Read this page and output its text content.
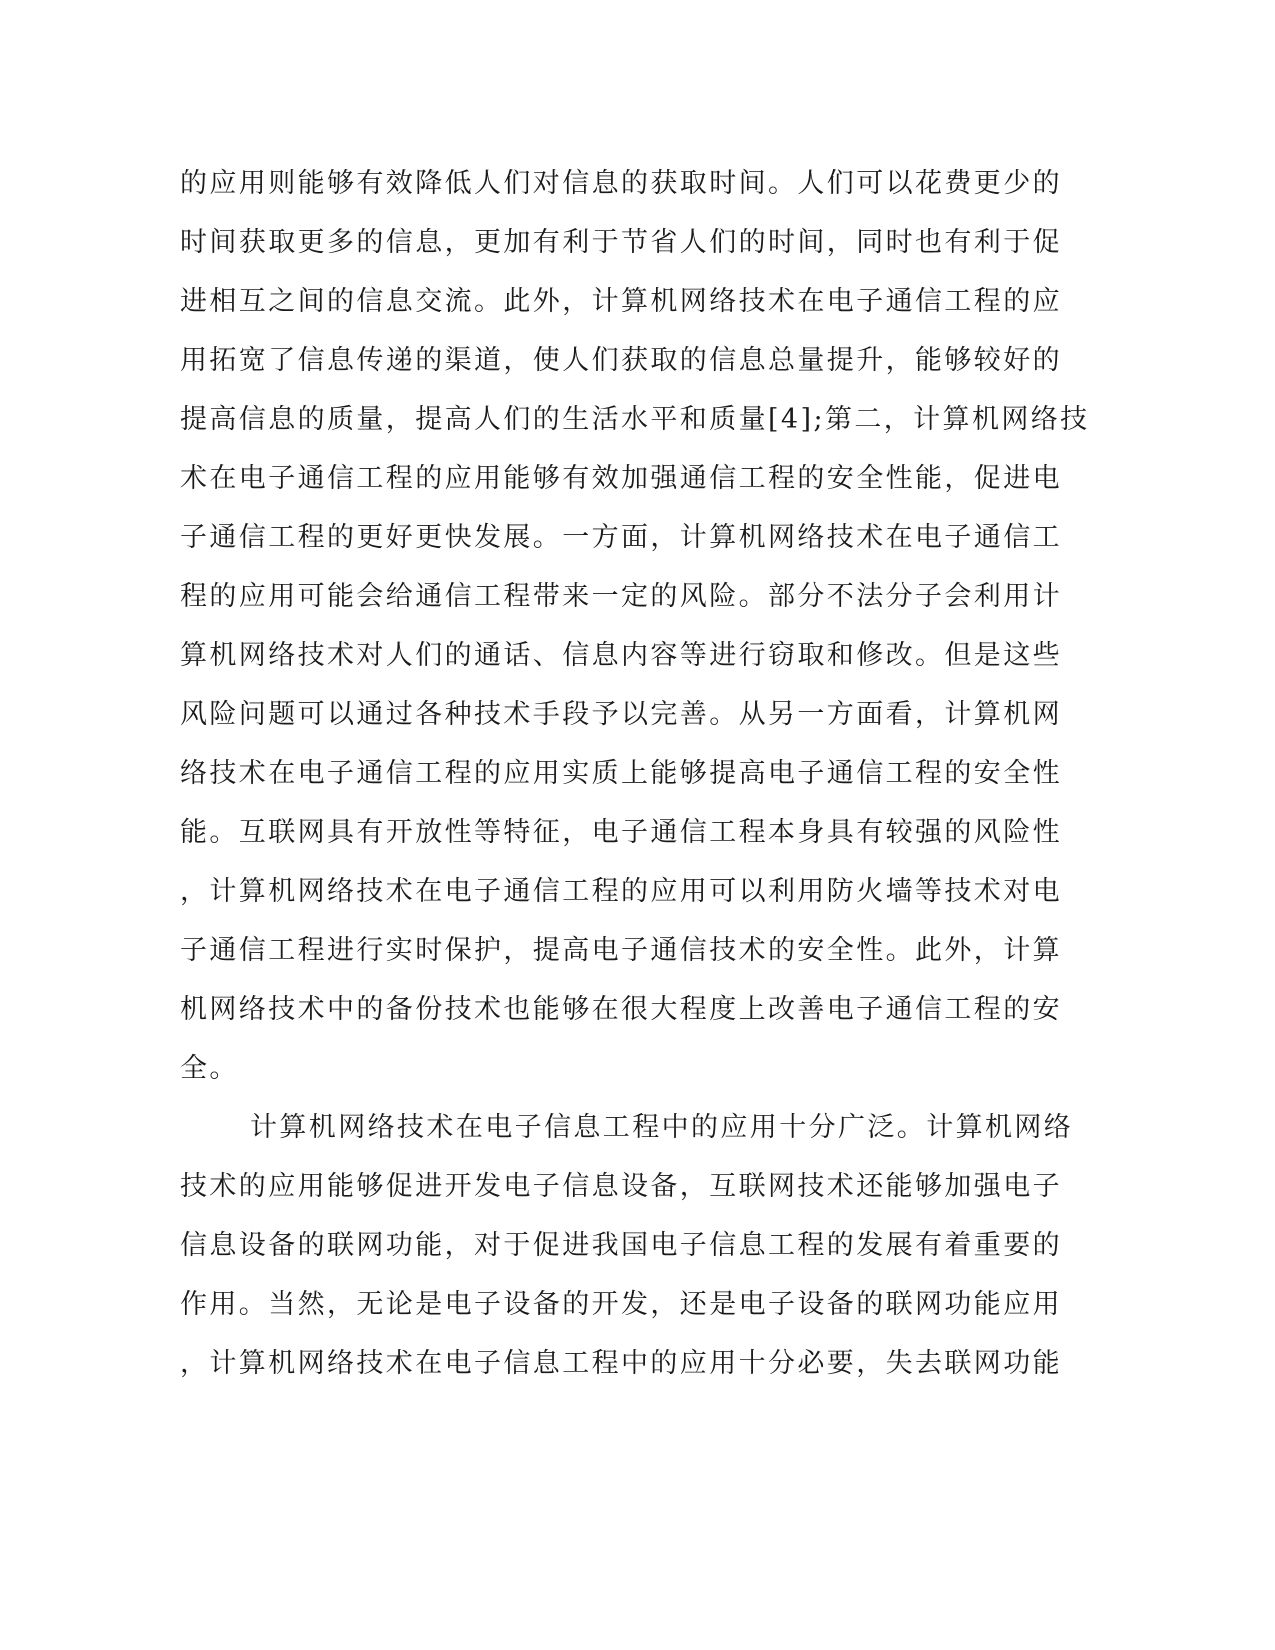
的应用则能够有效降低人们对信息的获取时间。人们可以花费更少的
时间获取更多的信息，更加有利于节省人们的时间，同时也有利于促
进相互之间的信息交流。此外，计算机网络技术在电子通信工程的应
用拓宽了信息传递的渠道，使人们获取的信息总量提升，能够较好的
提高信息的质量，提高人们的生活水平和质量[4];第二，计算机网络技
术在电子通信工程的应用能够有效加强通信工程的安全性能，促进电
子通信工程的更好更快发展。一方面，计算机网络技术在电子通信工
程的应用可能会给通信工程带来一定的风险。部分不法分子会利用计
算机网络技术对人们的通话、信息内容等进行窃取和修改。但是这些
风险问题可以通过各种技术手段予以完善。从另一方面看，计算机网
络技术在电子通信工程的应用实质上能够提高电子通信工程的安全性
能。互联网具有开放性等特征，电子通信工程本身具有较强的风险性
，计算机网络技术在电子通信工程的应用可以利用防火墙等技术对电
子通信工程进行实时保护，提高电子通信技术的安全性。此外，计算
机网络技术中的备份技术也能够在很大程度上改善电子通信工程的安
全。
计算机网络技术在电子信息工程中的应用十分广泛。计算机网络
技术的应用能够促进开发电子信息设备，互联网技术还能够加强电子
信息设备的联网功能，对于促进我国电子信息工程的发展有着重要的
作用。当然，无论是电子设备的开发，还是电子设备的联网功能应用
，计算机网络技术在电子信息工程中的应用十分必要，失去联网功能
